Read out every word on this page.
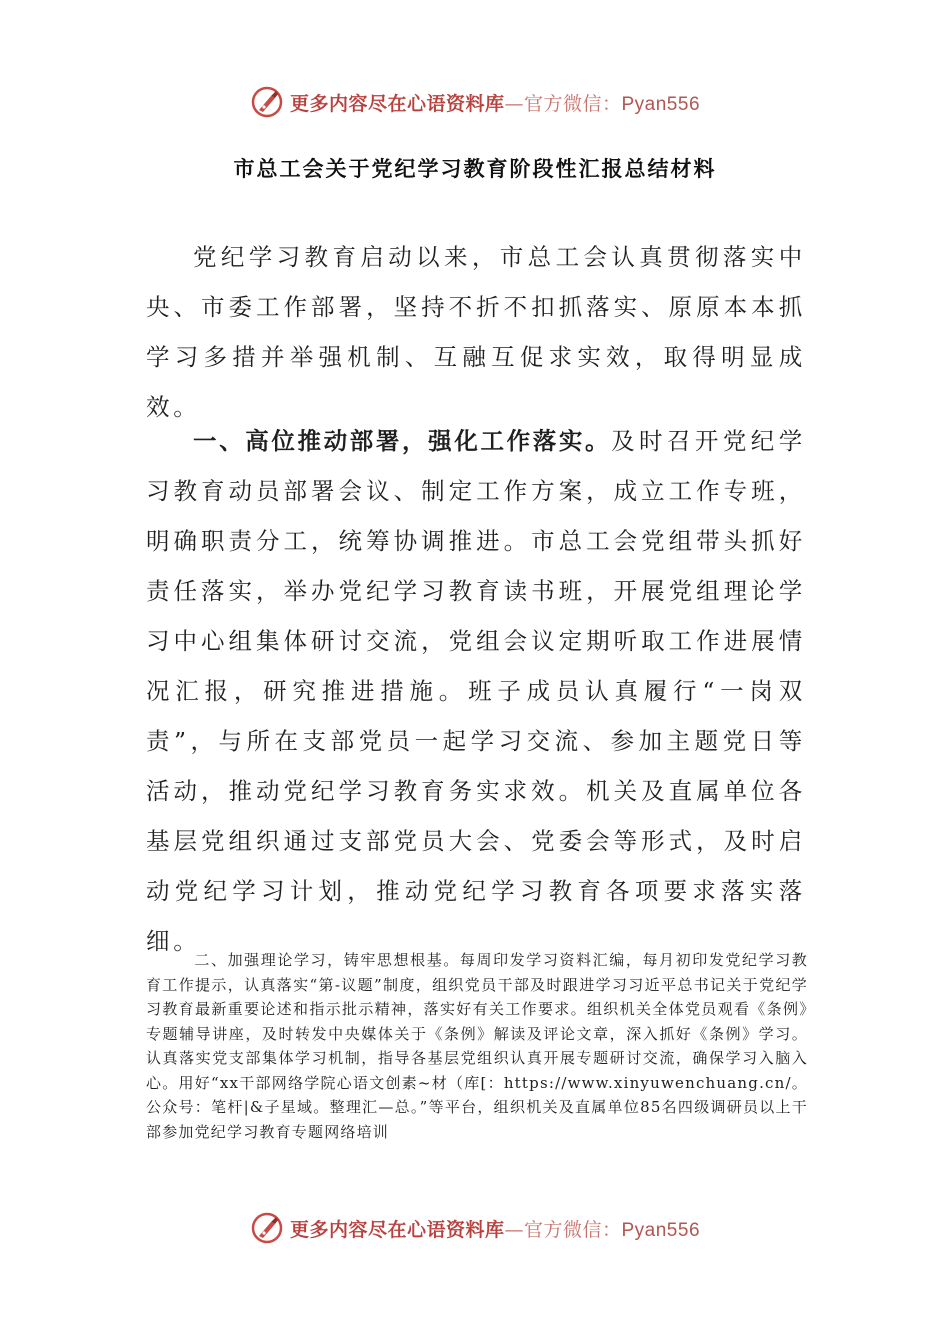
更多内容尽在心语资料库—官方微信：Pyan556
市总工会关于党纪学习教育阶段性汇报总结材料
党纪学习教育启动以来，市总工会认真贯彻落实中央、市委工作部署，坚持不折不扣抓落实、原原本本抓学习多措并举强机制、互融互促求实效，取得明显成效。
一、高位推动部署，强化工作落实。及时召开党纪学习教育动员部署会议、制定工作方案，成立工作专班，明确职责分工，统筹协调推进。市总工会党组带头抓好责任落实，举办党纪学习教育读书班，开展党组理论学习中心组集体研讨交流，党组会议定期听取工作进展情况汇报，研究推进措施。班子成员认真履行“一岗双责”，与所在支部党员一起学习交流、参加主题党日等活动，推动党纪学习教育务实求效。机关及直属单位各基层党组织通过支部党员大会、党委会等形式，及时启动党纪学习计划，推动党纪学习教育各项要求落实落细。
二、加强理论学习，铸牢思想根基。每周印发学习资料汇编，每月初印发党纪学习教育工作提示，认真落实“第-议题”制度，组织党员干部及时跟进学习习近平总书记关于党纪学习教育最新重要论述和指示批示精神，落实好有关工作要求。组织机关全体党员观看《条例》专题辅导讲座，及时转发中央媒体关于《条例》解读及评论文章，深入抓好《条例》学习。认真落实党支部集体学习机制，指导各基层党组织认真开展专题研讨交流，确保学习入脑入心。用好“xx干部网络学院心语文创素~材（库[：https://www.xinyuwenchuang.cn/。公众号：笔杆|&子星域。整理汇—总。”等平台，组织机关及直属单位85名四级调研员以上干部参加党纪学习教育专题网络培训
更多内容尽在心语资料库—官方微信：Pyan556
